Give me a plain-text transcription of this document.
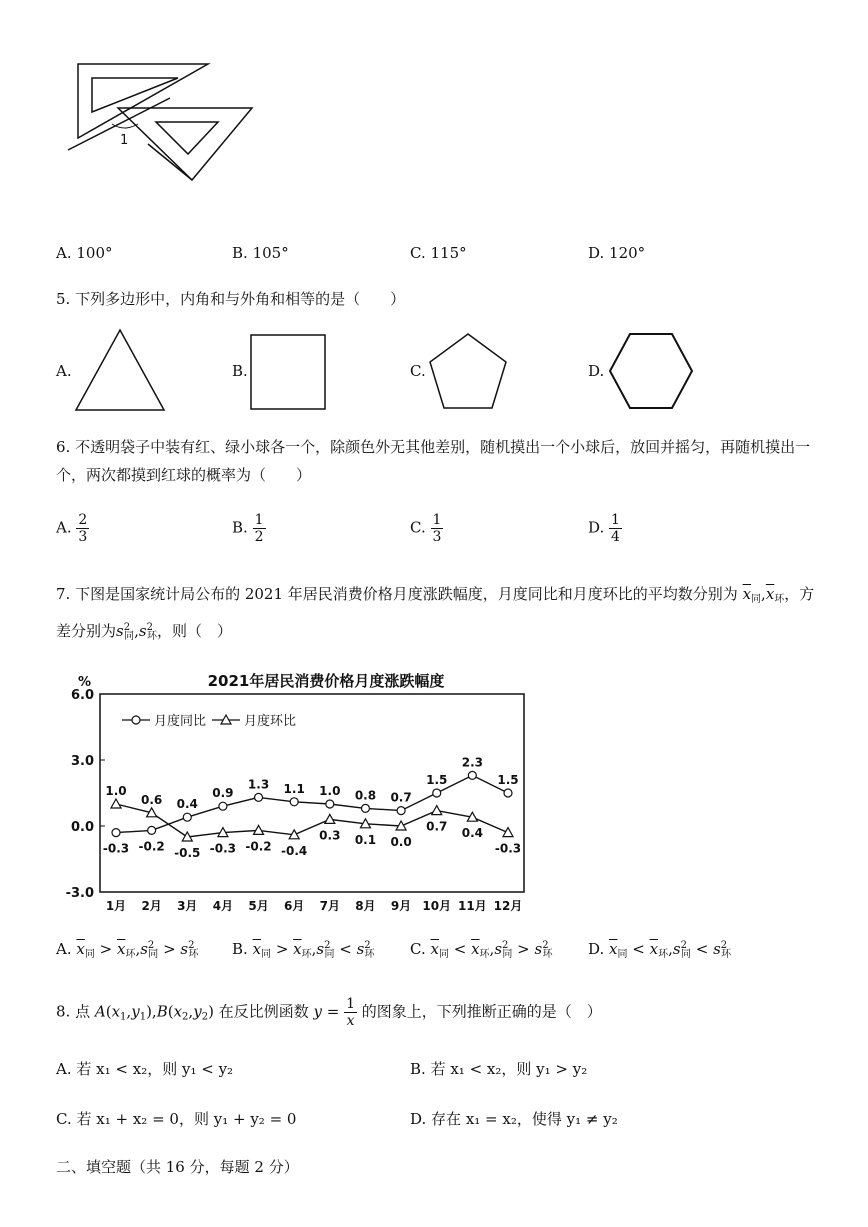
1
A. 100°	B. 105°	C. 115°	D. 120°
5. 下列多边形中，内角和与外角和相等的是（　　）
A.	B.	C.	D.
6. 不透明袋子中装有红、绿小球各一个，除颜色外无其他差别，随机摸出一个小球后，放回并摇匀，再随机摸出一
个，两次都摸到红球的概率为（　　）
A. $\frac{2}{3}$	B. $\frac{1}{2}$	C. $\frac{1}{3}$	D. $\frac{1}{4}$
7. 下图是国家统计局公布的 2021 年居民消费价格月度涨跌幅度，月度同比和月度环比的平均数分别为 $\overline{x}_同,\overline{x}_环$，方
差分别为$s^2_同,s^2_环$，则（　）
%	2021年居民消费价格月度涨跌幅度
6.0
3.0
0.0
-3.0
1月 2月 3月 4月 5月 6月 7月 8月 9月 10月 11月 12月
月度同比	月度环比
-0.3
1.0
-0.2
0.6 0.4
-0.5
0.9
-0.3
1.3
-0.2
1.1
-0.4
1.0
0.3
0.8
0.1
0.7
0.0
1.5
0.7
2.3
0.4
1.5
-0.3
A. $\overline{x}_同 > \overline{x}_环,s^2_同 > s^2_环$ B. $\overline{x}_同 > \overline{x}_环,s^2_同 < s^2_环$ C. $\overline{x}_同 < \overline{x}_环,s^2_同 > s^2_环$ D. $\overline{x}_同 < \overline{x}_环,s^2_同 < s^2_环$
8. 点 $A(x_1,y_1),B(x_2,y_2)$ 在反比例函数 $y = \frac{1}{x}$ 的图象上，下列推断正确的是（　）
A. 若 x₁ < x₂，则 y₁ < y₂	B. 若 x₁ < x₂，则 y₁ > y₂
C. 若 x₁ + x₂ = 0，则 y₁ + y₂ = 0	D. 存在 x₁ = x₂，使得 y₁ ≠ y₂
二、填空题（共 16 分，每题 2 分）
